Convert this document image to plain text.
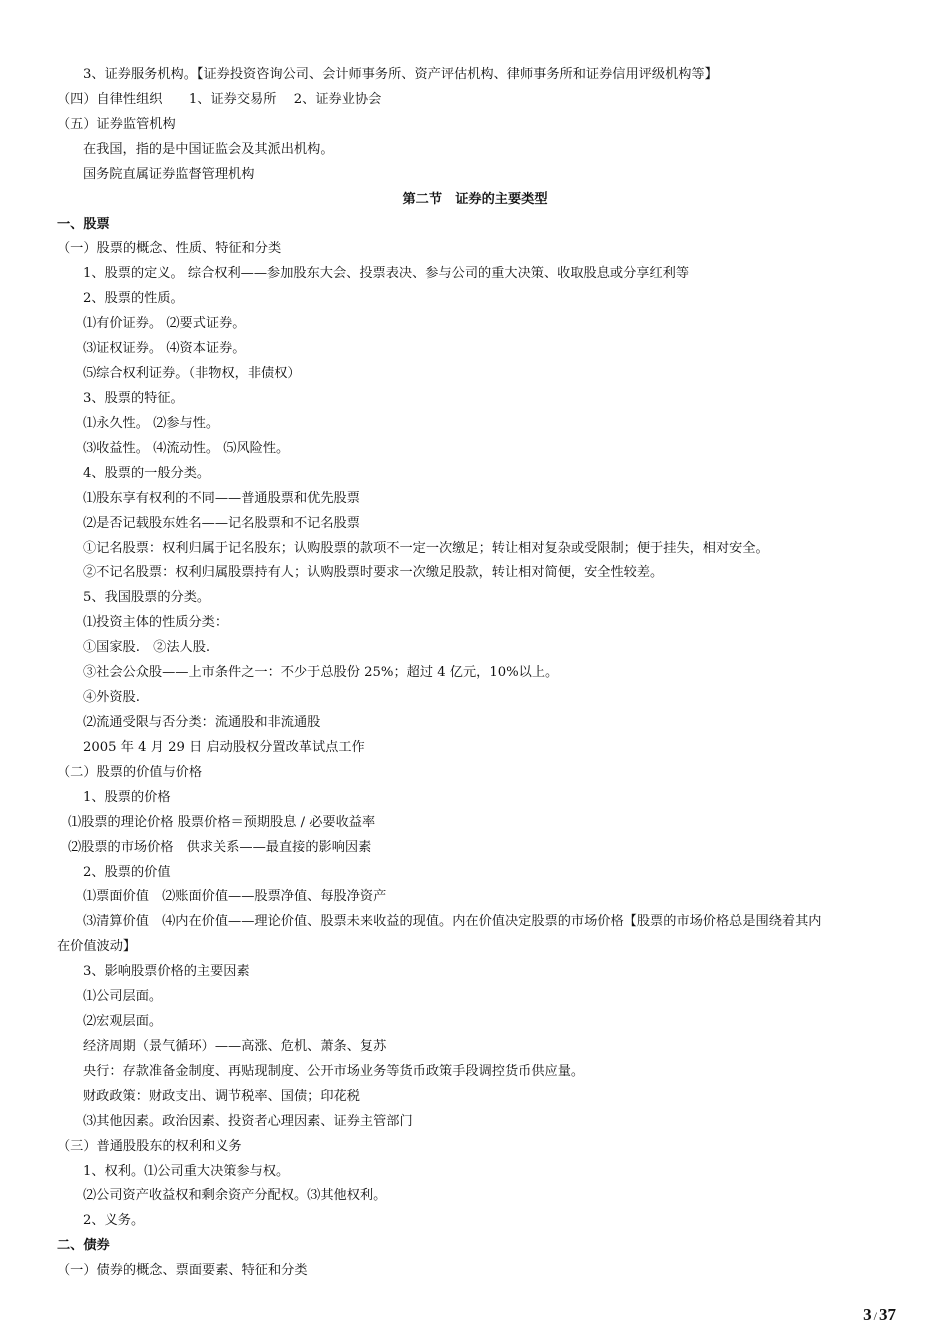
3、证券服务机构。【证券投资咨询公司、会计师事务所、资产评估机构、律师事务所和证券信用评级机构等】
（四）自律性组织　　1、证券交易所　 2、证券业协会
（五）证券监管机构
在我国，指的是中国证监会及其派出机构。
国务院直属证券监督管理机构
第二节　证券的主要类型
一、股票
（一）股票的概念、性质、特征和分类
1、股票的定义。 综合权利——参加股东大会、投票表决、参与公司的重大决策、收取股息或分享红利等
2、股票的性质。
⑴有价证券。 ⑵要式证券。
⑶证权证券。 ⑷资本证券。
⑸综合权利证券。（非物权，非债权）
3、股票的特征。
⑴永久性。 ⑵参与性。
⑶收益性。 ⑷流动性。 ⑸风险性。
4、股票的一般分类。
⑴股东享有权利的不同——普通股票和优先股票
⑵是否记载股东姓名——记名股票和不记名股票
①记名股票：权利归属于记名股东；认购股票的款项不一定一次缴足；转让相对复杂或受限制；便于挂失，相对安全。
②不记名股票：权利归属股票持有人；认购股票时要求一次缴足股款，转让相对简便，安全性较差。
5、我国股票的分类。
⑴投资主体的性质分类：
①国家股.　②法人股.
③社会公众股——上市条件之一：不少于总股份 25%；超过 4 亿元，10%以上。
④外资股.
⑵流通受限与否分类：流通股和非流通股
2005 年 4 月 29 日 启动股权分置改革试点工作
（二）股票的价值与价格
1、股票的价格
⑴股票的理论价格 股票价格＝预期股息 / 必要收益率
⑵股票的市场价格　供求关系——最直接的影响因素
2、股票的价值
⑴票面价值　⑵账面价值——股票净值、每股净资产
⑶清算价值　⑷内在价值——理论价值、股票未来收益的现值。内在价值决定股票的市场价格【股票的市场价格总是围绕着其内
在价值波动】
3、影响股票价格的主要因素
⑴公司层面。
⑵宏观层面。
经济周期（景气循环）——高涨、危机、萧条、复苏
央行：存款准备金制度、再贴现制度、公开市场业务等货币政策手段调控货币供应量。
财政政策：财政支出、调节税率、国债；印花税
⑶其他因素。政治因素、投资者心理因素、证券主管部门
（三）普通股股东的权利和义务
1、权利。⑴公司重大决策参与权。
⑵公司资产收益权和剩余资产分配权。⑶其他权利。
2、义务。
二、债券
（一）债券的概念、票面要素、特征和分类
3 / 37
